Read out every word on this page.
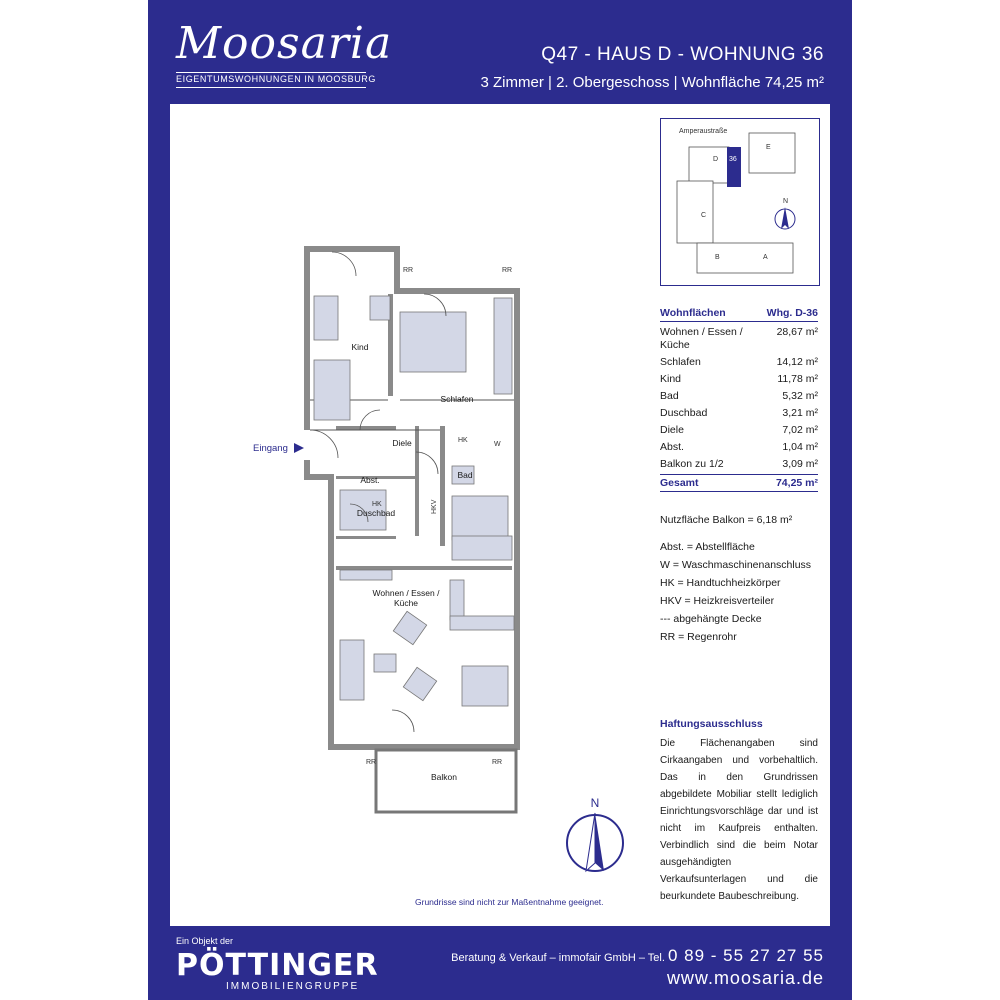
Moosaria
EIGENTUMSWOHNUNGEN IN MOOSBURG
Q47 - HAUS D - WOHNUNG 36
3 Zimmer | 2. Obergeschoss | Wohnfläche 74,25 m²
Eingang
Kind
Schlafen
Diele
Bad
Abst.
Duschbad
Wohnen / Essen /
Küche
Balkon
RR	RR
RR	RR
HK
HK
W
HKV
Grundrisse sind nicht zur Maßentnahme geeignet.
Amperaustraße
E
D
C
B	A
N
36
Wohnflächen	Whg. D-36
Wohnen / Essen / Küche
28,67 m²
Schlafen	14,12 m²
Kind	11,78 m²
Bad	5,32 m²
Duschbad	3,21 m²
Diele	7,02 m²
Abst.	1,04 m²
Balkon zu 1/2	3,09 m²
Gesamt	74,25 m²
Nutzfläche Balkon = 6,18 m²
Abst. = Abstellfläche
W = Waschmaschinenanschluss
HK = Handtuchheizkörper
HKV = Heizkreisverteiler
--- abgehängte Decke
RR = Regenrohr
Haftungsausschluss
Die Flächenangaben sind Cirkaangaben und vorbehaltlich. Das in den Grundrissen abgebildete Mobiliar stellt lediglich Einrichtungsvorschläge dar und ist nicht im Kaufpreis enthalten. Verbindlich sind die beim Notar ausgehändigten Verkaufsunterlagen und die beurkundete Baubeschreibung.
N
Ein Objekt der
PÖTTINGER
IMMOBILIENGRUPPE
Beratung & Verkauf – immofair GmbH – Tel. 0 89 - 55 27 27 55
www.moosaria.de
